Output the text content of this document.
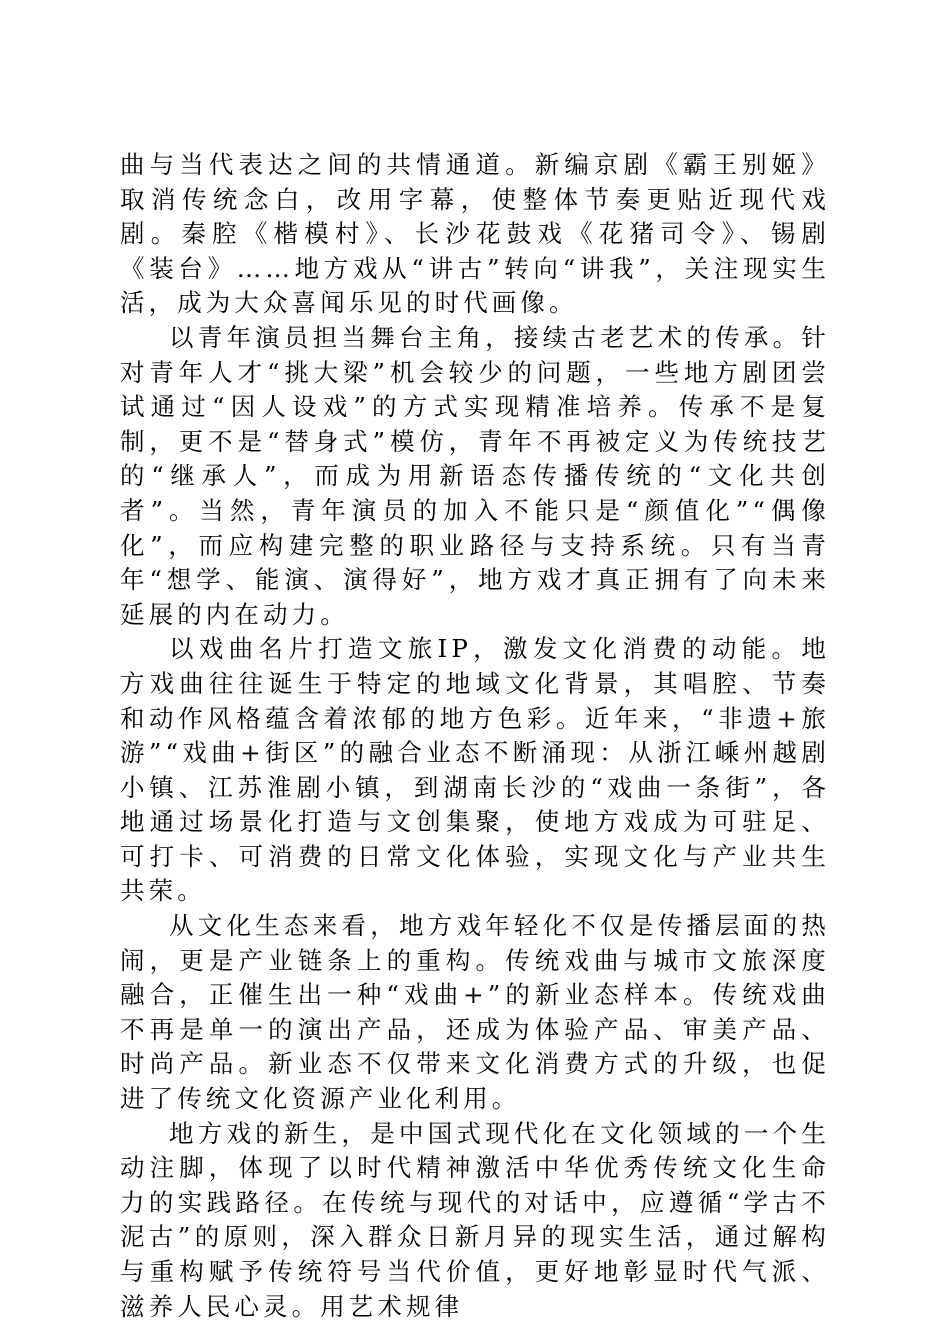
曲与当代表达之间的共情通道。新编京剧《霸王别姬》取消传统念白，改用字幕，使整体节奏更贴近现代戏剧。秦腔《楷模村》、长沙花鼓戏《花猪司令》、锡剧《装台》……地方戏从“讲古”转向“讲我”，关注现实生活，成为大众喜闻乐见的时代画像。

以青年演员担当舞台主角，接续古老艺术的传承。针对青年人才“挑大梁”机会较少的问题，一些地方剧团尝试通过“因人设戏”的方式实现精准培养。传承不是复制，更不是“替身式”模仿，青年不再被定义为传统技艺的“继承人”，而成为用新语态传播传统的“文化共创者”。当然，青年演员的加入不能只是“颜值化”“偶像化”，而应构建完整的职业路径与支持系统。只有当青年“想学、能演、演得好”，地方戏才真正拥有了向未来延展的内在动力。

以戏曲名片打造文旅IP，激发文化消费的动能。地方戏曲往往诞生于特定的地域文化背景，其唱腔、节奏和动作风格蕴含着浓郁的地方色彩。近年来，“非遗+旅游”“戏曲+街区”的融合业态不断涌现：从浙江嵊州越剧小镇、江苏淮剧小镇，到湖南长沙的“戏曲一条街”，各地通过场景化打造与文创集聚，使地方戏成为可驻足、可打卡、可消费的日常文化体验，实现文化与产业共生共荣。

从文化生态来看，地方戏年轻化不仅是传播层面的热闹，更是产业链条上的重构。传统戏曲与城市文旅深度融合，正催生出一种“戏曲+”的新业态样本。传统戏曲不再是单一的演出产品，还成为体验产品、审美产品、时尚产品。新业态不仅带来文化消费方式的升级，也促进了传统文化资源产业化利用。

地方戏的新生，是中国式现代化在文化领域的一个生动注脚，体现了以时代精神激活中华优秀传统文化生命力的实践路径。在传统与现代的对话中，应遵循“学古不泥古”的原则，深入群众日新月异的现实生活，通过解构与重构赋予传统符号当代价值，更好地彰显时代气派、滋养人民心灵。用艺术规律
